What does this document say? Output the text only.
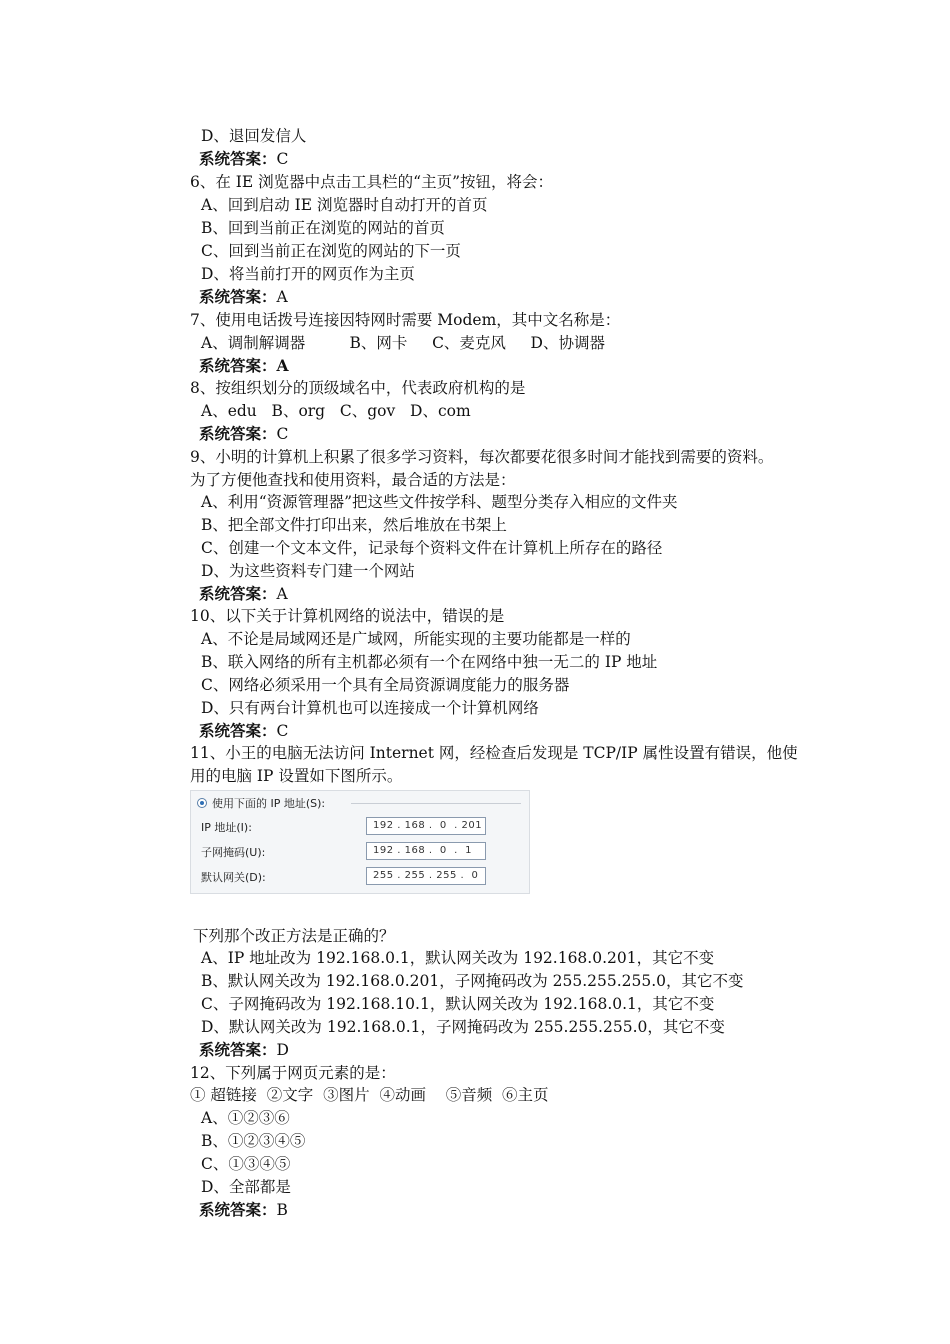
D、退回发信人
系统答案：C
6、在 IE 浏览器中点击工具栏的“主页”按钮，将会：
A、回到启动 IE 浏览器时自动打开的首页
B、回到当前正在浏览的网站的首页
C、回到当前正在浏览的网站的下一页
D、将当前打开的网页作为主页
系统答案：A
7、使用电话拨号连接因特网时需要 Modem，其中文名称是：
A、调制解调器         B、网卡     C、麦克风     D、协调器
系统答案：A
8、按组织划分的顶级域名中，代表政府机构的是
A、edu   B、org   C、gov   D、com
系统答案：C
9、小明的计算机上积累了很多学习资料，每次都要花很多时间才能找到需要的资料。
为了方便他查找和使用资料，最合适的方法是：
A、利用“资源管理器”把这些文件按学科、题型分类存入相应的文件夹
B、把全部文件打印出来，然后堆放在书架上
C、创建一个文本文件，记录每个资料文件在计算机上所存在的路径
D、为这些资料专门建一个网站
系统答案：A
10、以下关于计算机网络的说法中，错误的是
A、不论是局域网还是广域网，所能实现的主要功能都是一样的
B、联入网络的所有主机都必须有一个在网络中独一无二的 IP 地址
C、网络必须采用一个具有全局资源调度能力的服务器
D、只有两台计算机也可以连接成一个计算机网络
系统答案：C
11、小王的电脑无法访问 Internet 网，经检查后发现是 TCP/IP 属性设置有错误，他使
用的电脑 IP 设置如下图所示。
使用下面的 IP 地址(S):
IP 地址(I):	192 . 168 .  0  . 201
子网掩码(U):	192 . 168 .  0  .  1
默认网关(D):	255 . 255 . 255 .  0
下列那个改正方法是正确的？
A、IP 地址改为 192.168.0.1，默认网关改为 192.168.0.201，其它不变
B、默认网关改为 192.168.0.201，子网掩码改为 255.255.255.0，其它不变
C、子网掩码改为 192.168.10.1，默认网关改为 192.168.0.1，其它不变
D、默认网关改为 192.168.0.1，子网掩码改为 255.255.255.0，其它不变
系统答案：D
12、下列属于网页元素的是：
① 超链接  ②文字  ③图片  ④动画    ⑤音频  ⑥主页
A、①②③⑥
B、①②③④⑤
C、①③④⑤
D、全部都是
系统答案：B
